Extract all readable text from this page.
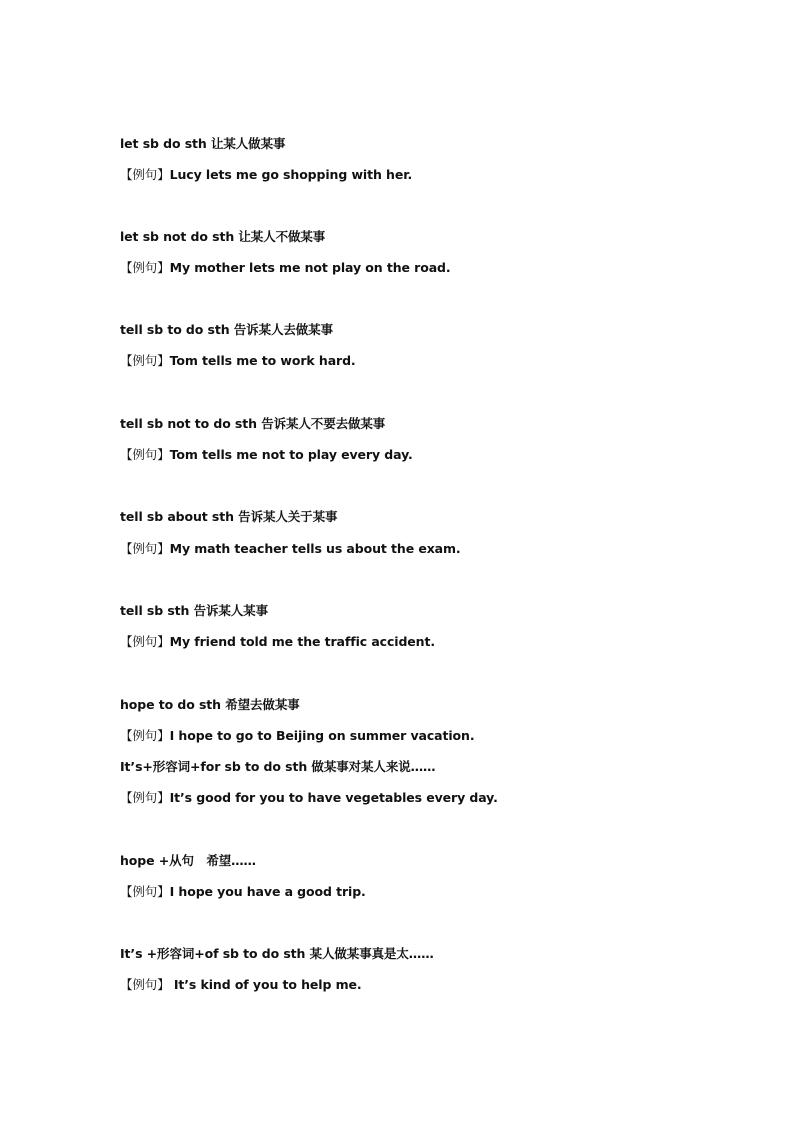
let sb do sth 让某人做某事
【例句】Lucy lets me go shopping with her.
let sb not do sth 让某人不做某事
【例句】My mother lets me not play on the road.
tell sb to do sth 告诉某人去做某事
【例句】Tom tells me to work hard.
tell sb not to do sth 告诉某人不要去做某事
【例句】Tom tells me not to play every day.
tell sb about sth 告诉某人关于某事
【例句】My math teacher tells us about the exam.
tell sb sth 告诉某人某事
【例句】My friend told me the traffic accident.
hope to do sth 希望去做某事
【例句】I hope to go to Beijing on summer vacation.
It’s+形容词+for sb to do sth 做某事对某人来说……
【例句】It’s good for you to have vegetables every day.
hope +从句　希望……
【例句】I hope you have a good trip.
It’s +形容词+of sb to do sth 某人做某事真是太……
【例句】 It’s kind of you to help me.
